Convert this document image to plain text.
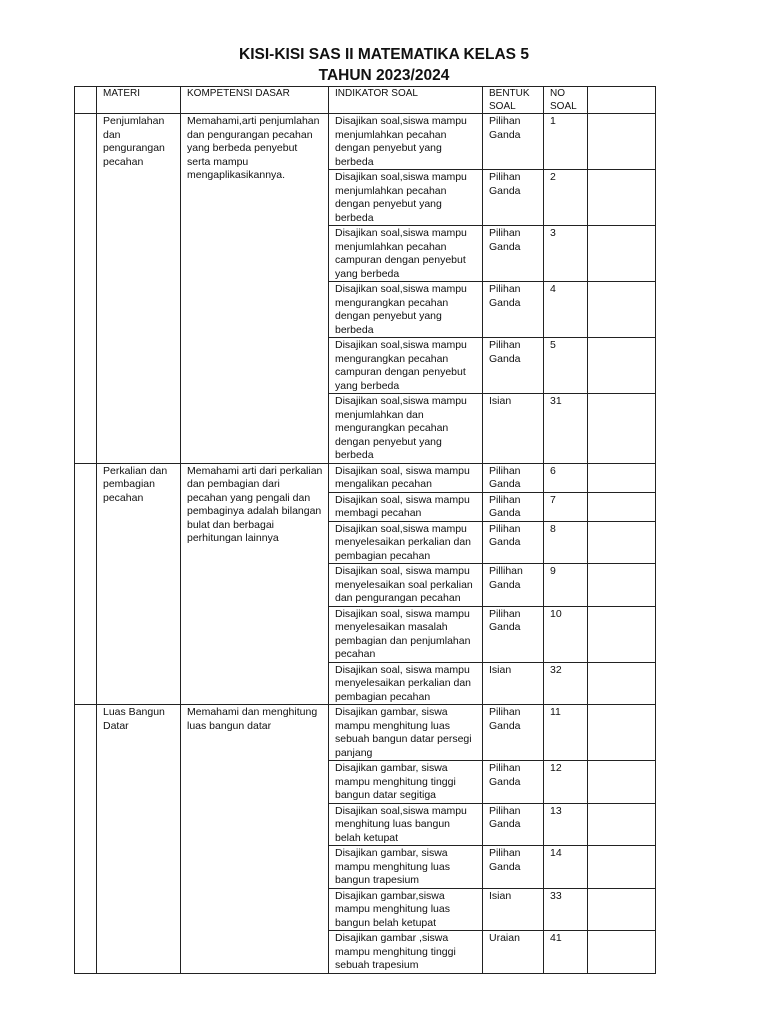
KISI-KISI SAS II MATEMATIKA KELAS 5
TAHUN 2023/2024
	MATERI	KOMPETENSI DASAR	INDIKATOR SOAL	BENTUK SOAL	NO SOAL	
	Penjumlahan dan pengurangan pecahan	Memahami,arti penjumlahan dan pengurangan pecahan yang berbeda penyebut serta mampu mengaplikasikannya.	Disajikan soal,siswa mampu menjumlahkan pecahan dengan penyebut yang berbeda	Pilihan Ganda	1	
			Disajikan soal,siswa mampu menjumlahkan pecahan dengan penyebut yang berbeda	Pilihan Ganda	2	
			Disajikan soal,siswa mampu menjumlahkan pecahan campuran dengan penyebut yang berbeda	Pilihan Ganda	3	
			Disajikan soal,siswa mampu mengurangkan pecahan dengan penyebut yang berbeda	Pilihan Ganda	4	
			Disajikan soal,siswa mampu mengurangkan pecahan campuran dengan penyebut yang berbeda	Pilihan Ganda	5	
			Disajikan soal,siswa mampu menjumlahkan dan mengurangkan pecahan dengan penyebut yang berbeda	Isian	31	
	Perkalian dan pembagian pecahan	Memahami arti dari perkalian dan pembagian dari pecahan yang pengali dan pembaginya adalah bilangan bulat dan berbagai perhitungan lainnya	Disajikan soal, siswa mampu mengalikan pecahan	Pilihan Ganda	6	
			Disajikan soal, siswa mampu membagi pecahan	Pilihan Ganda	7	
			Disajikan soal,siswa mampu menyelesaikan perkalian dan pembagian pecahan	Pilihan Ganda	8	
			Disajikan soal, siswa mampu menyelesaikan soal perkalian dan pengurangan pecahan	Pillihan Ganda	9	
			Disajikan soal, siswa mampu menyelesaikan masalah pembagian dan penjumlahan pecahan	Pilihan Ganda	10	
			Disajikan soal, siswa mampu menyelesaikan perkalian dan pembagian pecahan	Isian	32	
	Luas Bangun Datar	Memahami dan menghitung luas bangun datar	Disajikan gambar, siswa mampu menghitung luas sebuah bangun datar persegi panjang	Pilihan Ganda	11	
			Disajikan gambar, siswa mampu menghitung tinggi bangun datar segitiga	Pilihan Ganda	12	
			Disajikan soal,siswa mampu menghitung luas bangun belah ketupat	Pilihan Ganda	13	
			Disajikan gambar, siswa mampu menghitung luas bangun trapesium	Pilihan Ganda	14	
			Disajikan gambar,siswa mampu menghitung luas bangun belah ketupat	Isian	33	
			Disajikan gambar ,siswa mampu menghitung tinggi sebuah trapesium	Uraian	41	
